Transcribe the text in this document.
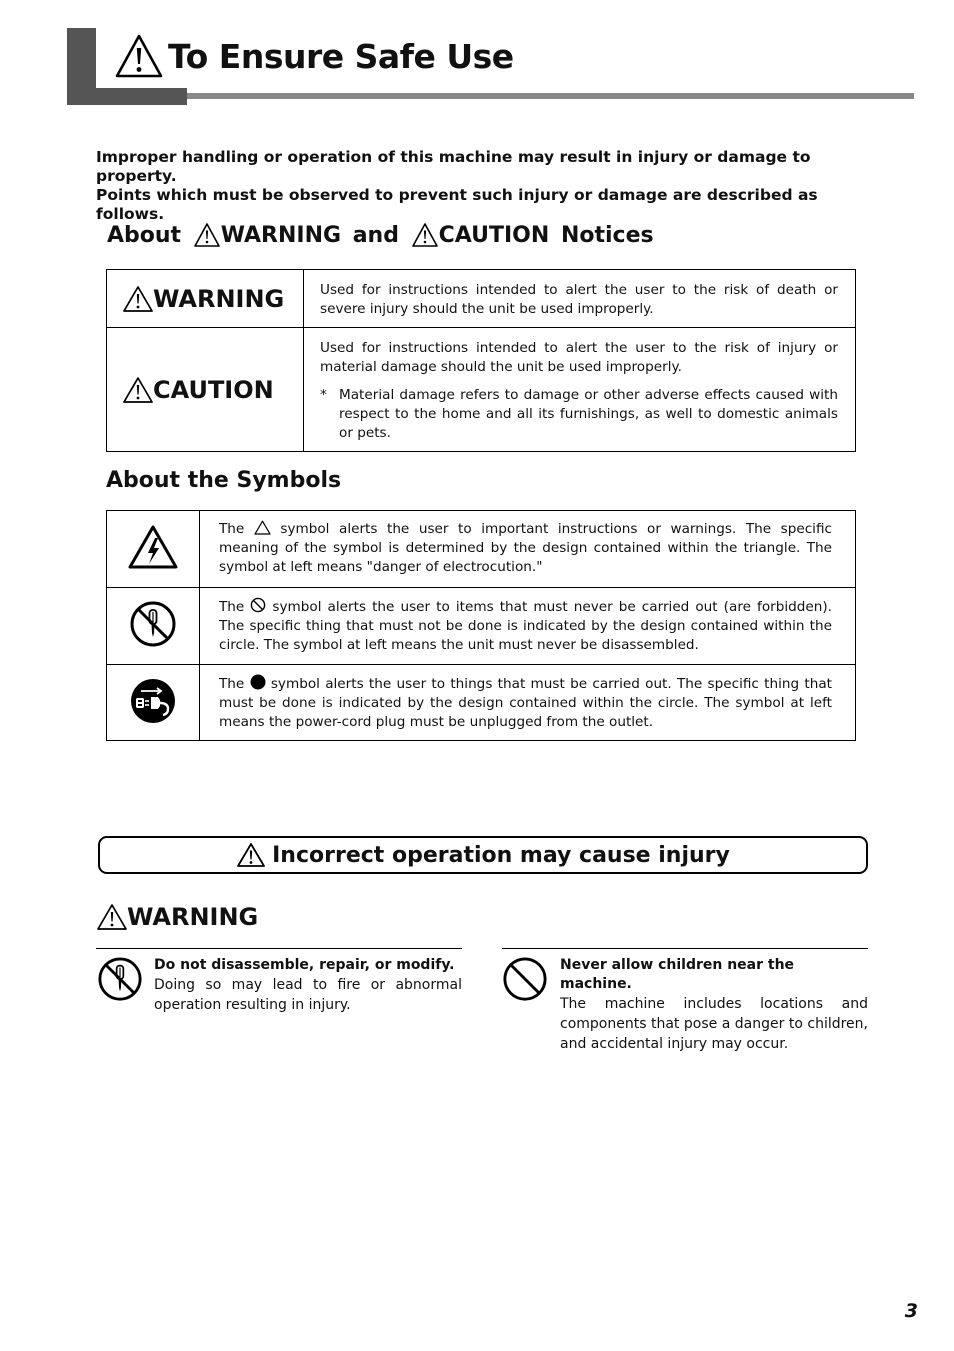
To Ensure Safe Use
Improper handling or operation of this machine may result in injury or damage to property.
Points which must be observed to prevent such injury or damage are described as follows.
About WARNING and CAUTION Notices
WARNING	Used for instructions intended to alert the user to the risk of death or severe injury should the unit be used improperly.

CAUTION	Used for instructions intended to alert the user to the risk of injury or material damage should the unit be used improperly.
* Material damage refers to damage or other adverse effects caused with respect to the home and all its furnishings, as well to domestic animals or pets.
About the Symbols

The  symbol alerts the user to important instructions or warnings. The specific meaning of the symbol is determined by the design contained within the triangle. The symbol at left means "danger of electrocution."

The  symbol alerts the user to items that must never be carried out (are forbidden). The specific thing that must not be done is indicated by the design contained within the circle. The symbol at left means the unit must never be disassembled.

The  symbol alerts the user to things that must be carried out. The specific thing that must be done is indicated by the design contained within the circle. The symbol at left means the power-cord plug must be unplugged from the outlet.
Incorrect operation may cause injury
WARNING
Do not disassemble, repair, or modify.
Doing so may lead to fire or abnormal operation resulting in injury.
Never allow children near the machine.
The machine includes locations and components that pose a danger to children, and accidental injury may occur.
3
